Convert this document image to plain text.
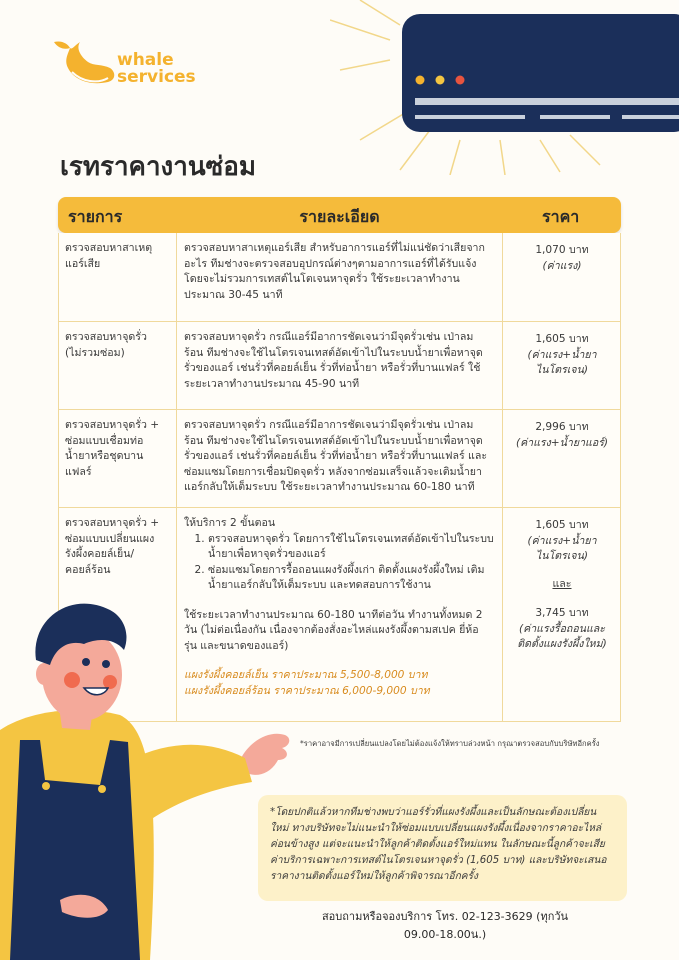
whale
services
เรทราคางานซ่อม
รายการ	รายละเอียด	ราคา
ตรวจสอบหาสาเหตุ
แอร์เสีย
ตรวจสอบหาสาเหตุแอร์เสีย สำหรับอาการแอร์ที่ไม่แน่ชัดว่าเสียจาก
อะไร ทีมช่างจะตรวจสอบอุปกรณ์ต่างๆตามอาการแอร์ที่ได้รับแจ้ง
โดยจะไม่รวมการเทสต์ไนโตเจนหาจุดรั่ว ใช้ระยะเวลาทำงาน
ประมาณ 30-45 นาที
1,070 บาท
(ค่าแรง)
ตรวจสอบหาจุดรั่ว
(ไม่รวมซ่อม)
ตรวจสอบหาจุดรั่ว กรณีแอร์มีอาการชัดเจนว่ามีจุดรั่วเช่น เป่าลม
ร้อน ทีมช่างจะใช้ไนโตรเจนเทสต์อัดเข้าไปในระบบน้ำยาเพื่อหาจุด
รั่วของแอร์ เช่นรั่วที่คอยล์เย็น รั่วที่ท่อน้ำยา หรือรั่วที่บานแฟลร์ ใช้
ระยะเวลาทำงานประมาณ 45-90 นาที
1,605 บาท
(ค่าแรง+น้ำยา
ไนโตรเจน)
ตรวจสอบหาจุดรั่ว +
ซ่อมแบบเชื่อมท่อ
น้ำยาหรือชุดบาน
แฟลร์
ตรวจสอบหาจุดรั่ว กรณีแอร์มีอาการชัดเจนว่ามีจุดรั่วเช่น เป่าลม
ร้อน ทีมช่างจะใช้ไนโตรเจนเทสต์อัดเข้าไปในระบบน้ำยาเพื่อหาจุด
รั่วของแอร์ เช่นรั่วที่คอยล์เย็น รั่วที่ท่อน้ำยา หรือรั่วที่บานแฟลร์ และ
ซ่อมแซมโดยการเชื่อมปิดจุดรั่ว หลังจากซ่อมเสร็จแล้วจะเติมน้ำยา
แอร์กลับให้เต็มระบบ ใช้ระยะเวลาทำงานประมาณ 60-180 นาที
2,996 บาท
(ค่าแรง+น้ำยาแอร์)
ตรวจสอบหาจุดรั่ว +
ซ่อมแบบเปลี่ยนแผง
รังผึ้งคอยล์เย็น/
คอยล์ร้อน
ให้บริการ 2 ขั้นตอน
1. ตรวจสอบหาจุดรั่ว โดยการใช้ไนโตรเจนเทสต์อัดเข้าไปในระบบ
น้ำยาเพื่อหาจุดรั่วของแอร์
2. ซ่อมแซมโดยการรื้อถอนแผงรังผึ้งเก่า ติดตั้งแผงรังผึ้งใหม่ เติม
น้ำยาแอร์กลับให้เต็มระบบ และทดสอบการใช้งาน
ใช้ระยะเวลาทำงานประมาณ 60-180 นาทีต่อวัน ทำงานทั้งหมด 2
วัน (ไม่ต่อเนื่องกัน เนื่องจากต้องสั่งอะไหล่แผงรังผึ้งตามสเปค ยี่ห้อ
รุ่น และขนาดของแอร์)
แผงรังผึ้งคอยล์เย็น ราคาประมาณ 5,500-8,000 บาท
แผงรังผึ้งคอยล์ร้อน ราคาประมาณ 6,000-9,000 บาท
1,605 บาท
(ค่าแรง+น้ำยา
ไนโตรเจน)
และ
3,745 บาท
(ค่าแรงรื้อถอนและ
ติดตั้งแผงรังผึ้งใหม่)
*ราคาอาจมีการเปลี่ยนแปลงโดยไม่ต้องแจ้งให้ทราบล่วงหน้า กรุณาตรวจสอบกับบริษัทอีกครั้ง
*โดยปกติแล้วหากทีมช่างพบว่าแอร์รั่วที่แผงรังผึ้งและเป็นลักษณะต้องเปลี่ยน
ใหม่ ทางบริษัทจะไม่แนะนำให้ซ่อมแบบเปลี่ยนแผงรังผึ้งเนื่องจากราคาอะไหล่
ค่อนข้างสูง แต่จะแนะนำให้ลูกค้าติดตั้งแอร์ใหม่แทน ในลักษณะนี้ลูกค้าจะเสีย
ค่าบริการเฉพาะการเทสต์ไนโตรเจนหาจุดรั่ว (1,605 บาท) และบริษัทจะเสนอ
ราคางานติดตั้งแอร์ใหม่ให้ลูกค้าพิจารณาอีกครั้ง
สอบถามหรือจองบริการ โทร. 02-123-3629 (ทุกวัน
09.00-18.00น.)
